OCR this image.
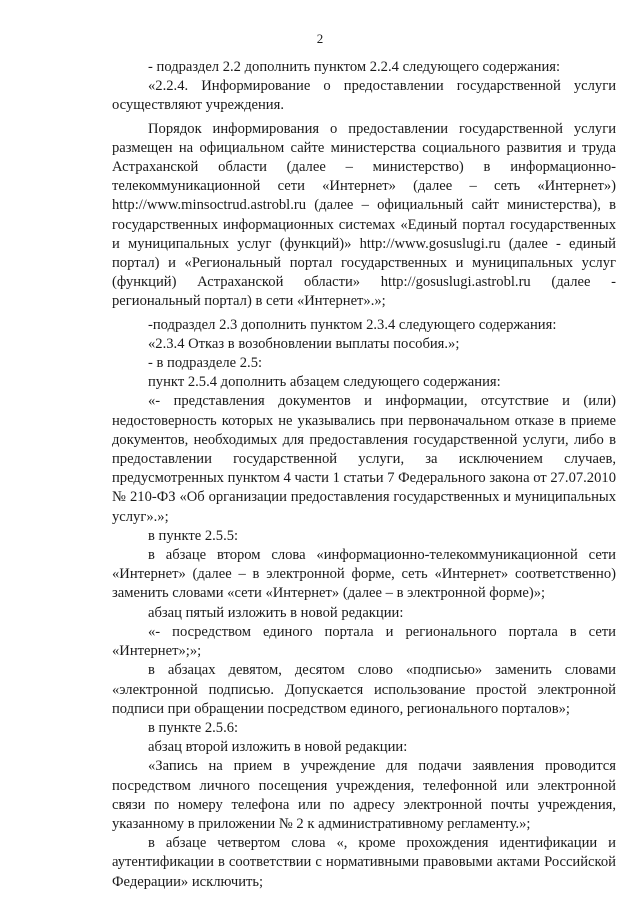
2

- подраздел 2.2 дополнить пунктом 2.2.4 следующего содержания:

«2.2.4. Информирование о предоставлении государственной услуги осуществляют учреждения.

Порядок информирования о предоставлении государственной услуги размещен на официальном сайте министерства социального развития и труда Астраханской области (далее – министерство) в информационно-телекоммуникационной сети «Интернет» (далее – сеть «Интернет») http://www.minsoctrud.astrobl.ru (далее – официальный сайт министерства), в государственных информационных системах «Единый портал государственных и муниципальных услуг (функций)» http://www.gosuslugi.ru (далее - единый портал) и «Региональный портал государственных и муниципальных услуг (функций) Астраханской области» http://gosuslugi.astrobl.ru (далее - региональный портал) в сети «Интернет».»;

-подраздел 2.3 дополнить пунктом 2.3.4 следующего содержания:

«2.3.4 Отказ в возобновлении выплаты пособия.»;

- в подразделе 2.5:

пункт 2.5.4 дополнить абзацем следующего содержания:

«- представления документов и информации, отсутствие и (или) недостоверность которых не указывались при первоначальном отказе в приеме документов, необходимых для предоставления государственной услуги, либо в предоставлении государственной услуги, за исключением случаев, предусмотренных пунктом 4 части 1 статьи 7 Федерального закона от 27.07.2010 № 210-ФЗ «Об организации предоставления государственных и муниципальных услуг».»;

в пункте 2.5.5:

в абзаце втором слова «информационно-телекоммуникационной сети «Интернет» (далее – в электронной форме, сеть «Интернет» соответственно) заменить словами «сети «Интернет» (далее – в электронной форме)»;

абзац пятый изложить в новой редакции:

«- посредством единого портала и регионального портала в сети «Интернет»;»;

в абзацах девятом, десятом слово «подписью» заменить словами «электронной подписью. Допускается использование простой электронной подписи при обращении посредством единого, регионального порталов»;

в пункте 2.5.6:

абзац второй изложить в новой редакции:

«Запись на прием в учреждение для подачи заявления проводится посредством личного посещения учреждения, телефонной или электронной связи по номеру телефона или по адресу электронной почты учреждения, указанному в приложении № 2 к административному регламенту.»;

в абзаце четвертом слова «, кроме прохождения идентификации и аутентификации в соответствии с нормативными правовыми актами Российской Федерации» исключить;
